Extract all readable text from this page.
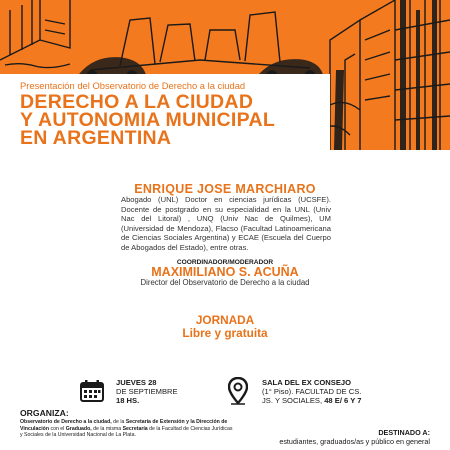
Presentación del Observatorio de Derecho a la ciudad
DERECHO A LA CIUDAD
Y AUTONOMIA MUNICIPAL
EN ARGENTINA
ENRIQUE JOSE MARCHIARO
Abogado (UNL) Doctor en ciencias jurídicas (UCSFE). Docente de postgrado en su especialidad en la UNL (Univ Nac del Litoral) , UNQ (Univ Nac de Quilmes), UM (Universidad de Mendoza), Flacso (Facultad Latinoamericana de Ciencias Sociales Argentina) y ECAE (Escuela del Cuerpo de Abogados del Estado), entre otras.
COORDINADOR/MODERADOR
MAXIMILIANO S. ACUÑA
Director del Observatorio de Derecho a la ciudad
JORNADA
Libre y gratuita
JUEVES 28
DE SEPTIEMBRE
18 HS.
SALA DEL EX CONSEJO
(1° Piso). FACULTAD DE CS.
JS. Y SOCIALES, 48 E/ 6 Y 7
ORGANIZA:
Observatorio de Derecho a la ciudad, de la Secretaría de Extensión y la Dirección de Vinculación con el Graduado, de la misma Secretaría de la Facultad de Ciencias Jurídicas y Sociales de la Universidad Nacional de La Plata.	DESTINADO A:
estudiantes, graduados/as y público en general
